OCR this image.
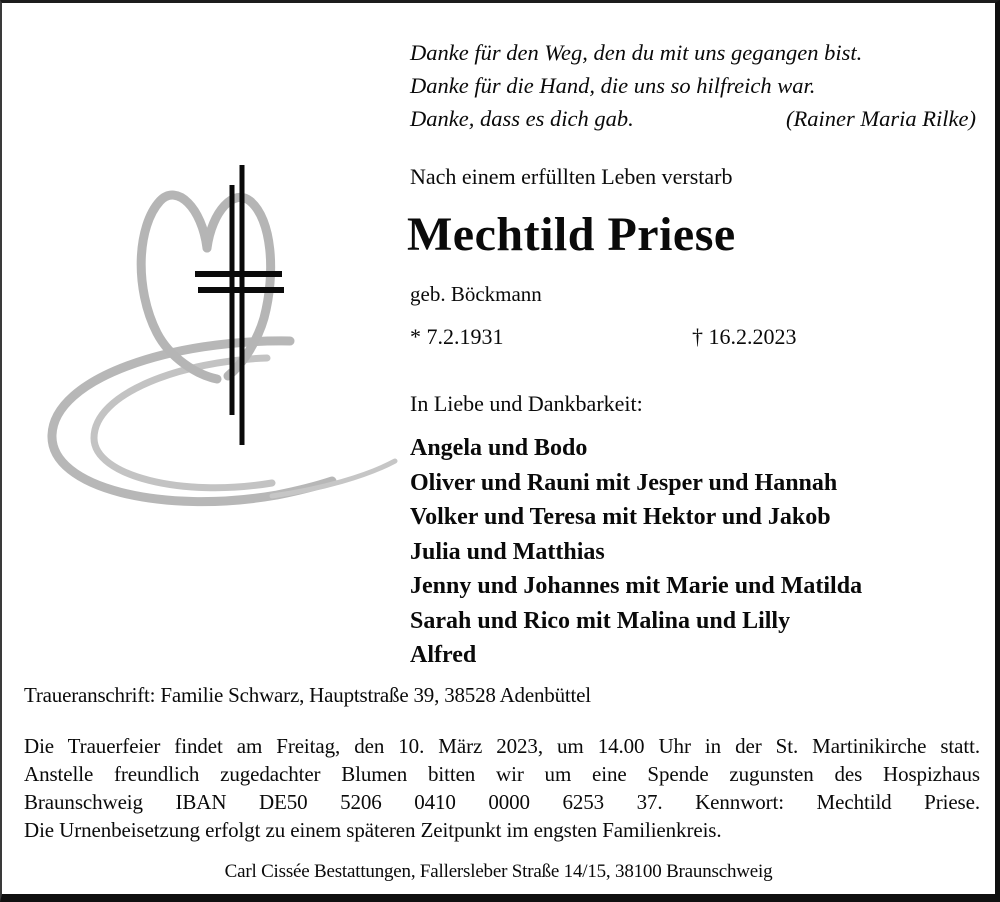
Danke für den Weg, den du mit uns gegangen bist.
Danke für die Hand, die uns so hilfreich war.
Danke, dass es dich gab.	(Rainer Maria Rilke)
Nach einem erfüllten Leben verstarb
Mechtild Priese
geb. Böckmann
* 7.2.1931	† 16.2.2023
In Liebe und Dankbarkeit:
Angela und Bodo
Oliver und Rauni mit Jesper und Hannah
Volker und Teresa mit Hektor und Jakob
Julia und Matthias
Jenny und Johannes mit Marie und Matilda
Sarah und Rico mit Malina und Lilly
Alfred
Traueranschrift: Familie Schwarz, Hauptstraße 39, 38528 Adenbüttel
Die Trauerfeier findet am Freitag, den 10. März 2023, um 14.00 Uhr in der St. Martinikirche statt.
Anstelle freundlich zugedachter Blumen bitten wir um eine Spende zugunsten des Hospizhaus
Braunschweig IBAN DE50 5206 0410 0000 6253 37. Kennwort: Mechtild Priese.
Die Urnenbeisetzung erfolgt zu einem späteren Zeitpunkt im engsten Familienkreis.
Carl Cissée Bestattungen, Fallersleber Straße 14/15, 38100 Braunschweig
